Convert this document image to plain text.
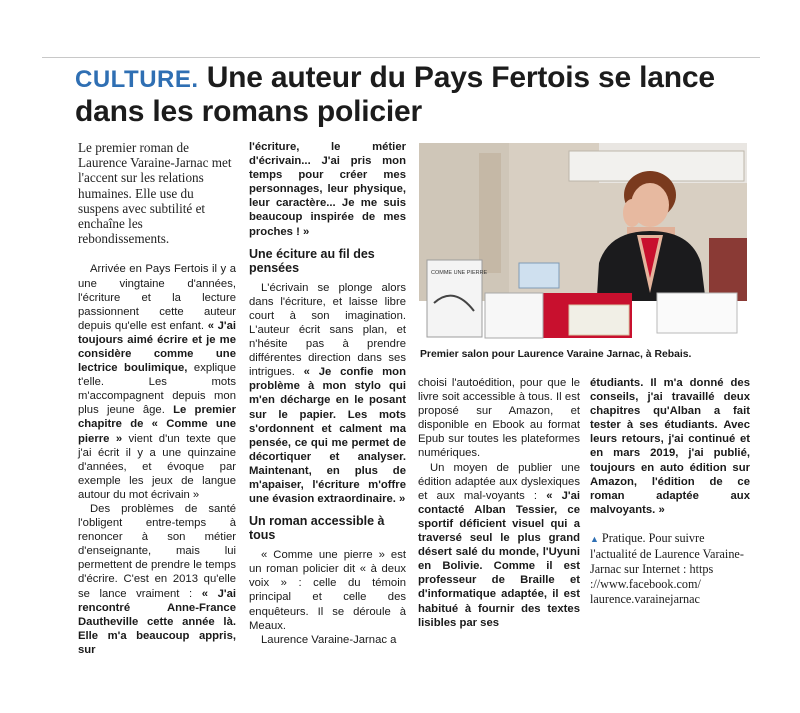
CULTURE. Une auteur du Pays Fertois se lance dans les romans policier

Le premier roman de Laurence Varaine-Jarnac met l'accent sur les relations humaines. Elle use du suspens avec subtilité et enchaîne les rebondissements.

Arrivée en Pays Fertois il y a une vingtaine d'années, l'écriture et la lecture passionnent cette auteur depuis qu'elle est enfant. « J'ai toujours aimé écrire et je me considère comme une lectrice boulimique, explique t'elle. Les mots m'accompagnent depuis mon plus jeune âge. Le premier chapitre de « Comme une pierre » vient d'un texte que j'ai écrit il y a une quinzaine d'années, et évoque par exemple les jeux de langue autour du mot écrivain »

Des problèmes de santé l'obligent entre-temps à renoncer à son métier d'enseignante, mais lui permettent de prendre le temps d'écrire. C'est en 2013 qu'elle se lance vraiment : « J'ai rencontré Anne-France Dautheville cette année là. Elle m'a beaucoup appris, sur

l'écriture, le métier d'écrivain... J'ai pris mon temps pour créer mes personnages, leur physique, leur caractère... Je me suis beaucoup inspirée de mes proches ! »

Une éciture au fil des pensées

L'écrivain se plonge alors dans l'écriture, et laisse libre court à son imagination. L'auteur écrit sans plan, et n'hésite pas à prendre différentes direction dans ses intrigues. « Je confie mon problème à mon stylo qui m'en décharge en le posant sur le papier. Les mots s'ordonnent et calment ma pensée, ce qui me permet de décortiquer et analyser. Maintenant, en plus de m'apaiser, l'écriture m'offre une évasion extraordinaire. »

Un roman accessible à tous

« Comme une pierre » est un roman policier dit « à deux voix » : celle du témoin principal et celle des enquêteurs. Il se déroule à Meaux.

Laurence Varaine-Jarnac a

COMME UNE PIERRE
Premier salon pour Laurence Varaine Jarnac, à Rebais.

choisi l'autoédition, pour que le livre soit accessible à tous. Il est proposé sur Amazon, et disponible en Ebook au format Epub sur toutes les plateformes numériques.

Un moyen de publier une édition adaptée aux dyslexiques et aux mal-voyants : « J'ai contacté Alban Tessier, ce sportif déficient visuel qui a traversé seul le plus grand désert salé du monde, l'Uyuni en Bolivie. Comme il est professeur de Braille et d'informatique adaptée, il est habitué à fournir des textes lisibles par ses

étudiants. Il m'a donné des conseils, j'ai travaillé deux chapitres qu'Alban a fait tester à ses étudiants. Avec leurs retours, j'ai continué et en mars 2019, j'ai publié, toujours en auto édition sur Amazon, l'édition de ce roman adaptée aux malvoyants. »

▲ Pratique. Pour suivre l'actualité de Laurence Varaine-Jarnac sur Internet : https ://www.facebook.com/ laurence.varainejarnac
